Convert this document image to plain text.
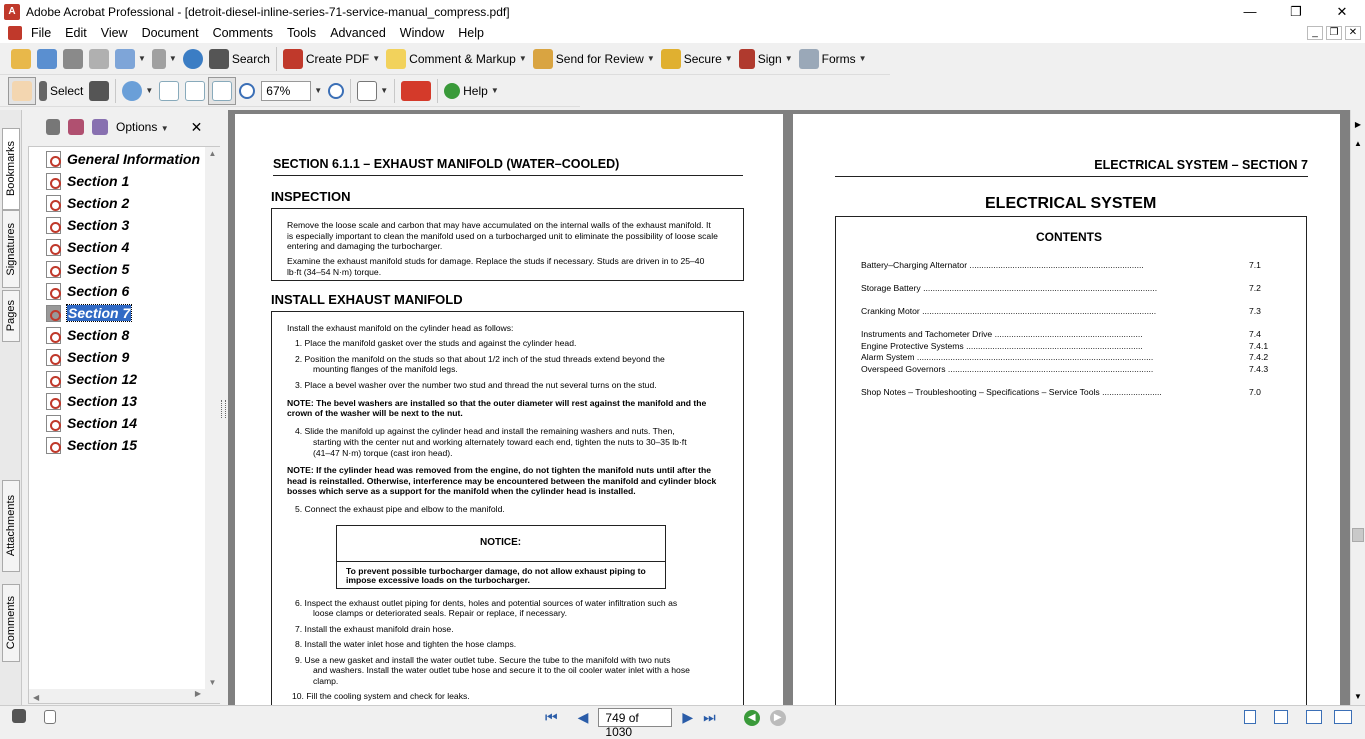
A Adobe Acrobat Professional - [detroit-diesel-inline-series-71-service-manual_compress.pdf]	—	❐	✕
File	Edit	View	Document	Comments	Tools	Advanced	Window	Help	_	❐	✕
▼	▼	Search	Create PDF ▼ Comment & Markup ▼ Send for Review ▼ Secure ▼ Sign ▼ Forms ▼
Select	▼	67%	▼	▼	Help ▼
Bookmarks
Signatures
Pages
Attachments
Comments
Options ▼ ✕
General Information
Section 1
Section 2
Section 3
Section 4
Section 5
Section 6
Section 7
Section 8
Section 9
Section 12
Section 13
Section 14
Section 15
▲
▼
◀	▶
SECTION 6.1.1 – EXHAUST MANIFOLD (WATER–COOLED)
INSPECTION
Remove the loose scale and carbon that may have accumulated on the internal walls of the exhaust manifold. It
is especially important to clean the manifold used on a turbocharged unit to eliminate the possibility of loose scale
entering and damaging the turbocharger.
Examine the exhaust manifold studs for damage. Replace the studs if necessary. Studs are driven in to 25–40
lb·ft (34–54 N·m) torque.
INSTALL EXHAUST MANIFOLD
Install the exhaust manifold on the cylinder head as follows:
1. Place the manifold gasket over the studs and against the cylinder head.
2. Position the manifold on the studs so that about 1/2 inch of the stud threads extend beyond the
mounting flanges of the manifold legs.
3. Place a bevel washer over the number two stud and thread the nut several turns on the stud.
NOTE: The bevel washers are installed so that the outer diameter will rest against the manifold and the
crown of the washer will be next to the nut.
4. Slide the manifold up against the cylinder head and install the remaining washers and nuts. Then,
starting with the center nut and working alternately toward each end, tighten the nuts to 30–35 lb·ft
(41–47 N·m) torque (cast iron head).
NOTE: If the cylinder head was removed from the engine, do not tighten the manifold nuts until after the
head is reinstalled. Otherwise, interference may be encountered between the manifold and cylinder block
bosses which serve as a support for the manifold when the cylinder head is installed.
5. Connect the exhaust pipe and elbow to the manifold.
NOTICE:
To prevent possible turbocharger damage, do not allow exhaust piping to
impose excessive loads on the turbocharger.
6. Inspect the exhaust outlet piping for dents, holes and potential sources of water infiltration such as
loose clamps or deteriorated seals. Repair or replace, if necessary.
7. Install the exhaust manifold drain hose.
8. Install the water inlet hose and tighten the hose clamps.
9. Use a new gasket and install the water outlet tube. Secure the tube to the manifold with two nuts
and washers. Install the water outlet tube hose and secure it to the oil cooler water inlet with a hose
clamp.
10. Fill the cooling system and check for leaks.
ELECTRICAL SYSTEM – SECTION 7
ELECTRICAL SYSTEM
CONTENTS
Battery–Charging Alternator .........................................................................	7.1
Storage Battery ..................................................................................................	7.2
Cranking Motor ..................................................................................................	7.3
Instruments and Tachometer Drive ..............................................................	7.4
Engine Protective Systems ..........................................................................	7.4.1
Alarm System ...................................................................................................	7.4.2
Overspeed Governors ......................................................................................	7.4.3
Shop Notes – Troubleshooting – Specifications – Service Tools .........................	7.0
▶
▲
▼
⏮ ◀	749 of 1030
▶ ⏭	◀	▶
